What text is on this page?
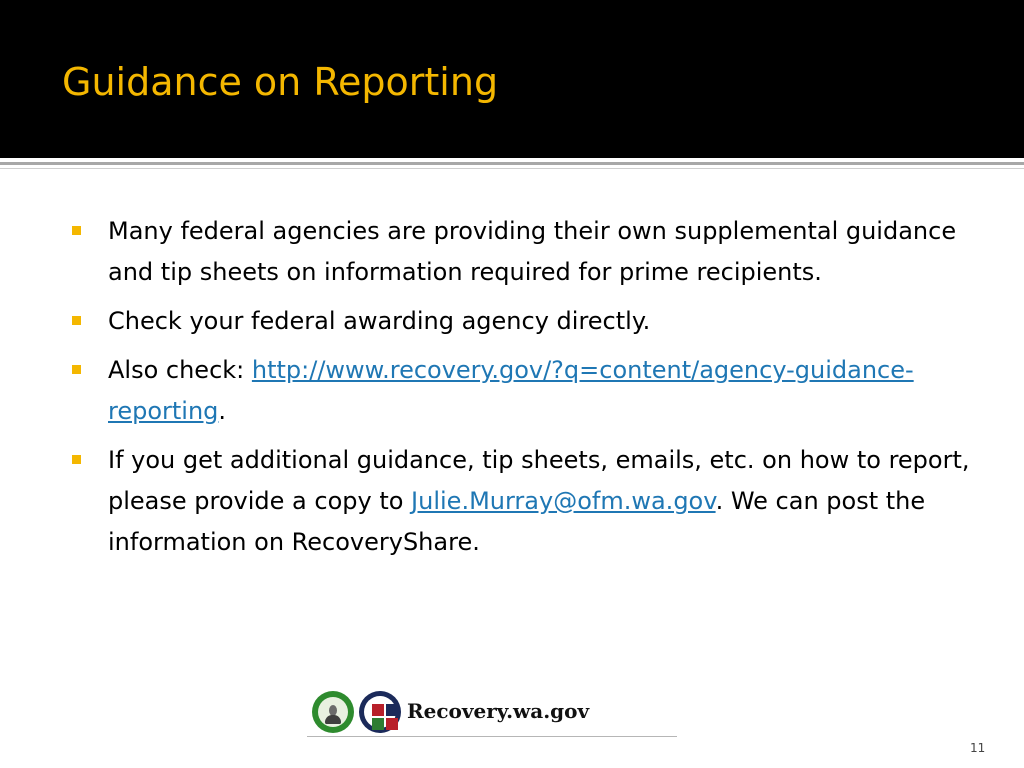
Guidance on Reporting
Many federal agencies are providing their own supplemental guidance and tip sheets on information required for prime recipients.
Check your federal awarding agency directly.
Also check: http://www.recovery.gov/?q=content/agency-guidance-reporting.
If you get additional guidance, tip sheets, emails, etc. on how to report, please provide a copy to Julie.Murray@ofm.wa.gov. We can post the information on RecoveryShare.
Recovery.wa.gov
11
